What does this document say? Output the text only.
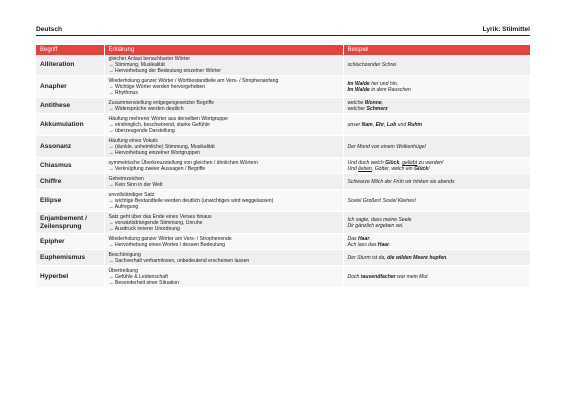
Deutsch	Lyrik: Stilmittel
Begriff	Erklärung	Beispiel

Alliteration	gleicher Anlaut benachbarter Wörter
→ Stimmung, Musikalität
→ Hervorhebung der Bedeutung einzelner Wörter	schluchzender Schrei

Anapher	Wiederholung ganzer Wörter / Wortbestandteile am Vers- / Strophenanfang
→ Wichtige Wörter werden hervorgehoben
→ Rhythmus	Im Walde her und hin,
Im Walde in dem Rauschen

Antithese	Zusammenstellung entgegengesetzter Begriffe
→ Widersprüche werden deutlich	welche Wonne,
welcher Schmerz

Akkumulation	Häufung mehrerer Wörter aus derselben Wortgruppe
→ eindringlich, beschwörend, starke Gefühle
→ überzeugende Darstellung	unser Nam, Ehr, Lob und Ruhm

Assonanz	Häufung eines Vokals
→ (dunkle, unheimliche) Stimmung, Musikalität
→ Hervorhebung einzelner Wortgruppen	Der Mond von einem Wolkenhügel

Chiasmus	symmetrische Überkreuzstellung von gleichen / ähnlichen Wörtern
→ Verknüpfung zweier Aussagen / Begriffe	Und doch welch Glück, geliebt zu werden!
Und lieben, Götter, welch ein Glück!

Chiffre	Geheimzeichen
→ Kein Sinn in der Welt	Schwarze Milch der Früh wir trinken sie abends

Ellipse	unvollständiger Satz
→ wichtige Bestandteile werden deutlich (unwichtiges wird weggelassen)
→ Aufregung	Soviel Großes! Soviel Kleines!

Enjambement /
Zeilensprung	Satz geht über das Ende eines Verses hinaus
→ vorwärtsdrängende Stimmung, Unruhe
→ Ausdruck innerer Unordnung	Ich sagte, dass meine Seele
Dir gänzlich ergeben sei.

Epipher	Wiederholung ganzer Wörter am Vers- / Strophenende
→ Hervorhebung eines Wortes / dessen Bedeutung	Das Haar.
Ach lass das Haar.

Euphemismus	Beschönigung
→ Sachverhalt verharmlosen, unbedeutend erscheinen lassen	Der Sturm ist da, die wilden Meere hupfen.

Hyperbel	Übertreibung
→ Gefühle & Leidenschaft
→ Besonderheit einer Situation	Doch tausendfacher war mein Mut
